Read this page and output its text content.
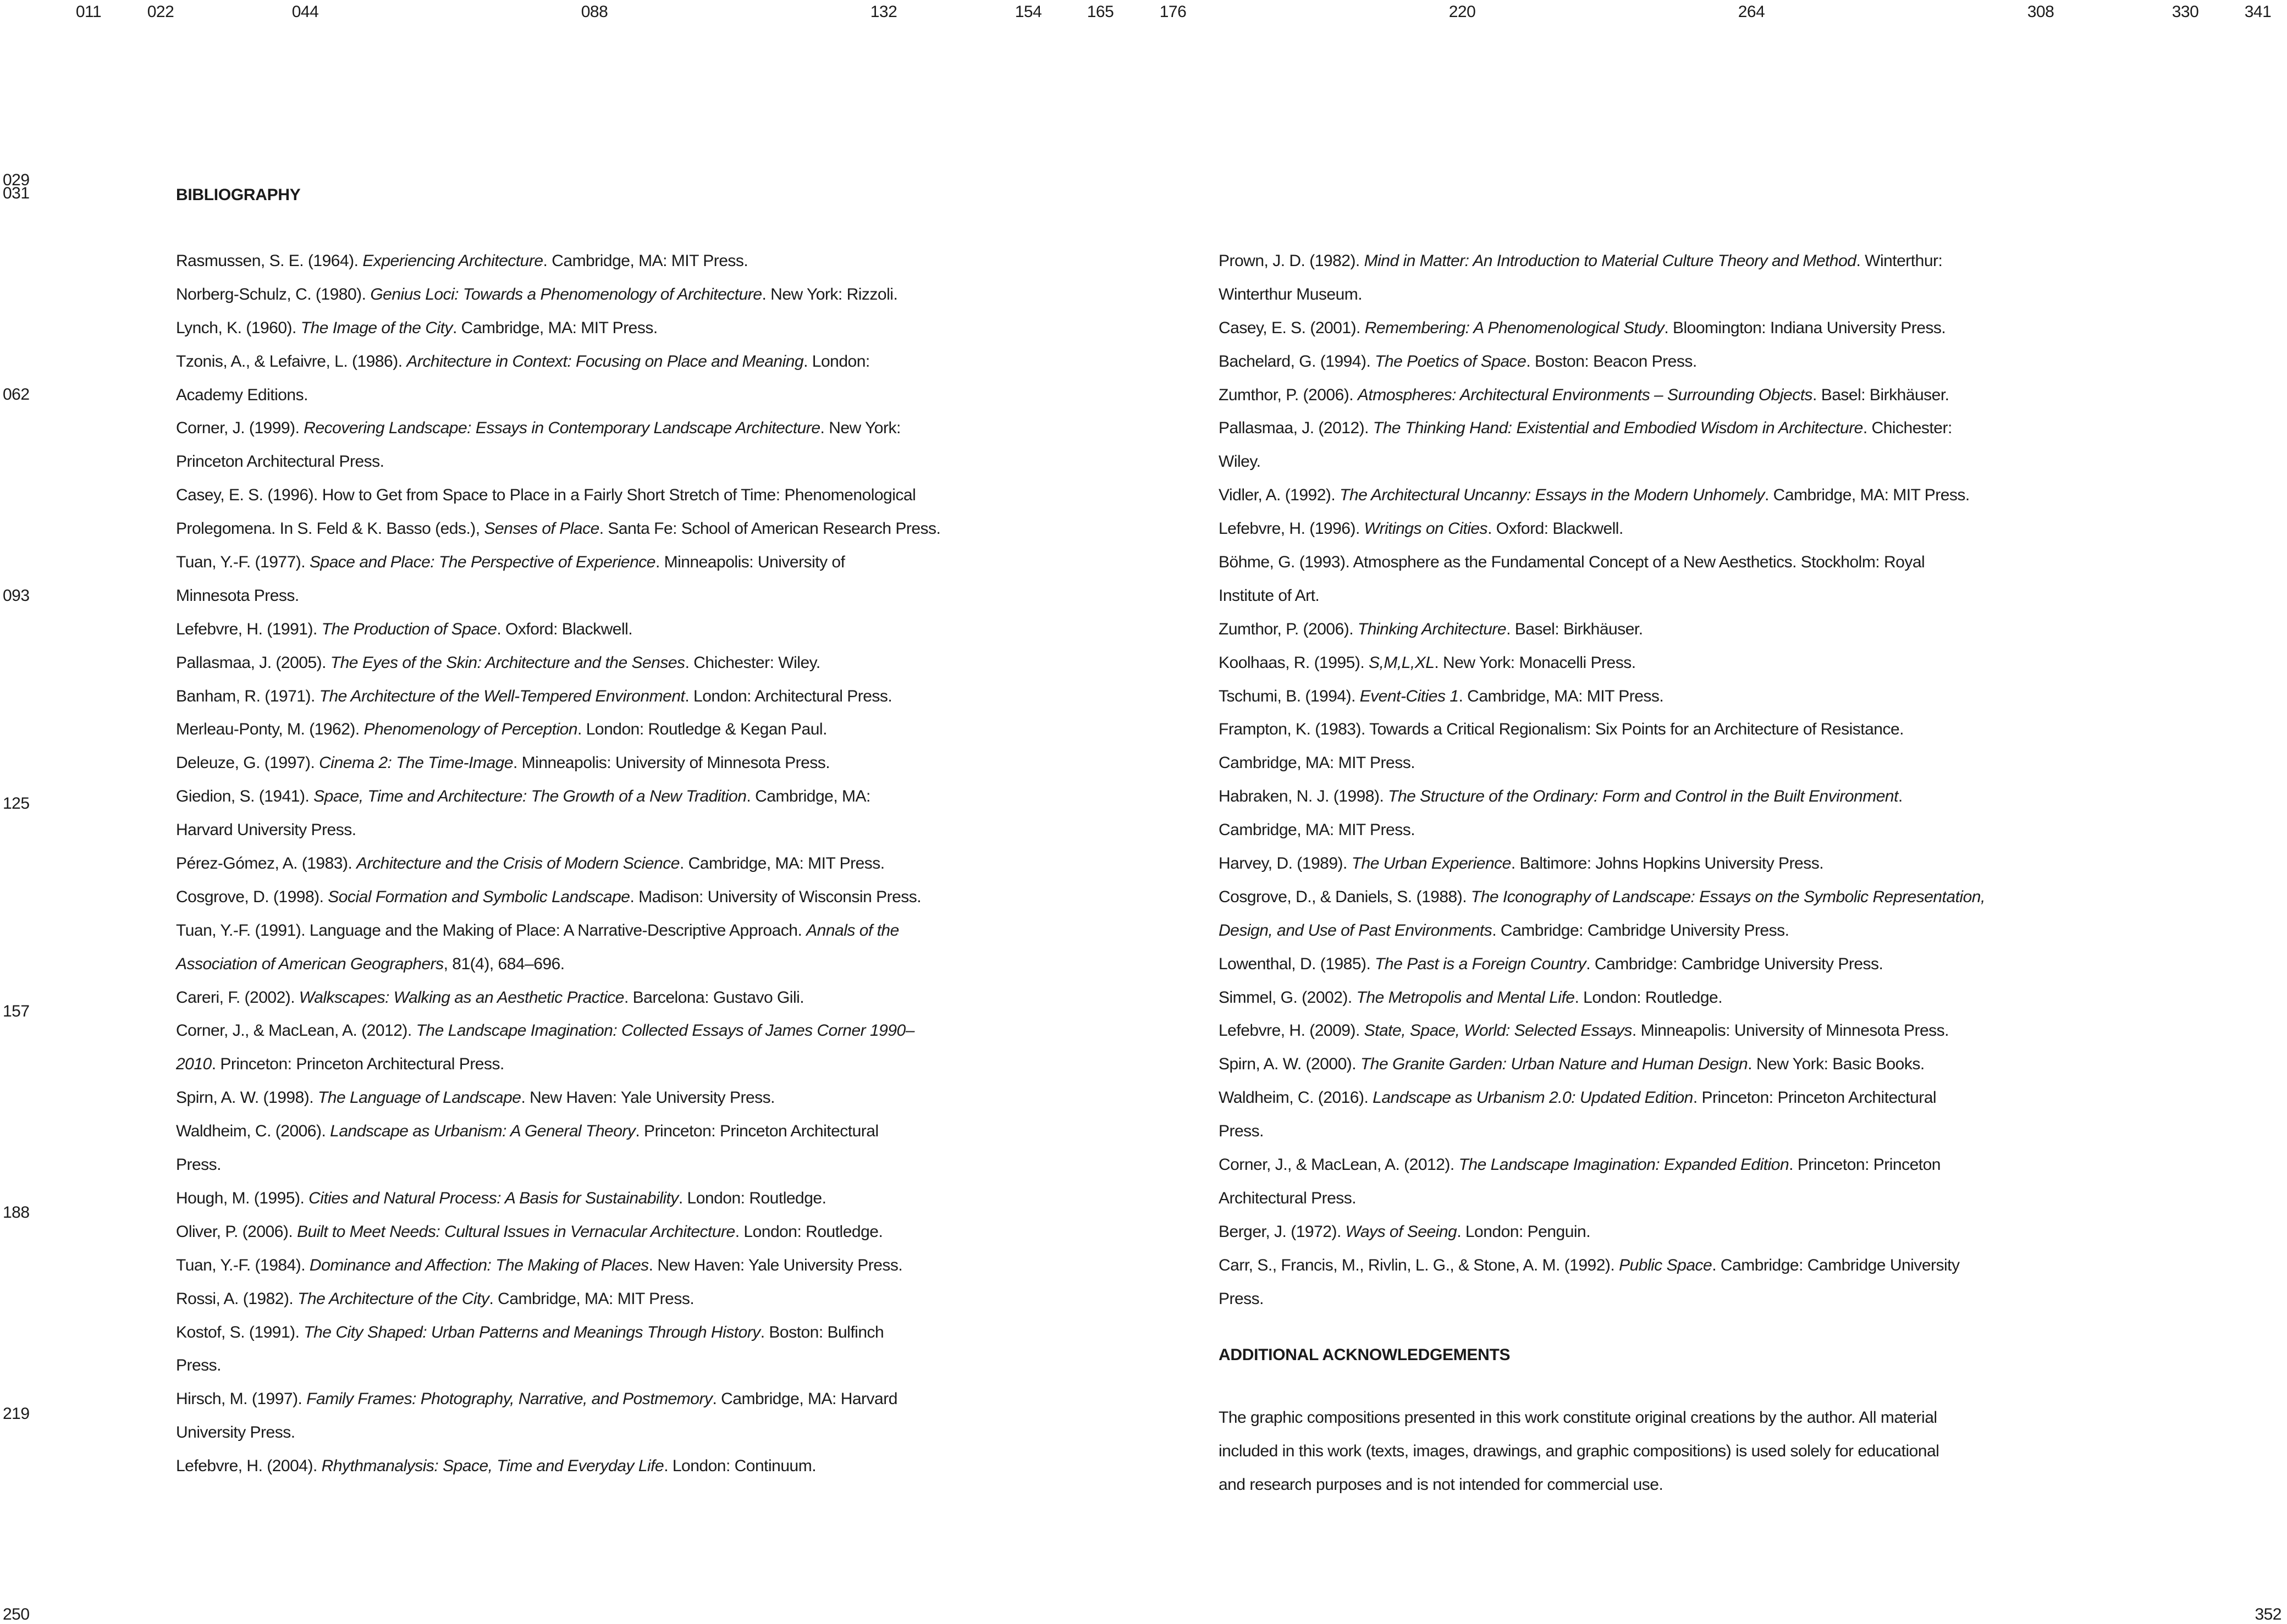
011	022	044	088	132	154	165	176	220	264	308	330	341
029
031
062
093
125
157
188
219
250	352
BIBLIOGRAPHY
Rasmussen, S. E. (1964). Experiencing Architecture. Cambridge, MA: MIT Press.
Norberg-Schulz, C. (1980). Genius Loci: Towards a Phenomenology of Architecture. New York: Rizzoli.
Lynch, K. (1960). The Image of the City. Cambridge, MA: MIT Press.
Tzonis, A., & Lefaivre, L. (1986). Architecture in Context: Focusing on Place and Meaning. London:
Academy Editions.
Corner, J. (1999). Recovering Landscape: Essays in Contemporary Landscape Architecture. New York:
Princeton Architectural Press.
Casey, E. S. (1996). How to Get from Space to Place in a Fairly Short Stretch of Time: Phenomenological
Prolegomena. In S. Feld & K. Basso (eds.), Senses of Place. Santa Fe: School of American Research Press.
Tuan, Y.-F. (1977). Space and Place: The Perspective of Experience. Minneapolis: University of
Minnesota Press.
Lefebvre, H. (1991). The Production of Space. Oxford: Blackwell.
Pallasmaa, J. (2005). The Eyes of the Skin: Architecture and the Senses. Chichester: Wiley.
Banham, R. (1971). The Architecture of the Well-Tempered Environment. London: Architectural Press.
Merleau-Ponty, M. (1962). Phenomenology of Perception. London: Routledge & Kegan Paul.
Deleuze, G. (1997). Cinema 2: The Time-Image. Minneapolis: University of Minnesota Press.
Giedion, S. (1941). Space, Time and Architecture: The Growth of a New Tradition. Cambridge, MA:
Harvard University Press.
Pérez-Gómez, A. (1983). Architecture and the Crisis of Modern Science. Cambridge, MA: MIT Press.
Cosgrove, D. (1998). Social Formation and Symbolic Landscape. Madison: University of Wisconsin Press.
Tuan, Y.-F. (1991). Language and the Making of Place: A Narrative-Descriptive Approach. Annals of the
Association of American Geographers, 81(4), 684–696.
Careri, F. (2002). Walkscapes: Walking as an Aesthetic Practice. Barcelona: Gustavo Gili.
Corner, J., & MacLean, A. (2012). The Landscape Imagination: Collected Essays of James Corner 1990–
2010. Princeton: Princeton Architectural Press.
Spirn, A. W. (1998). The Language of Landscape. New Haven: Yale University Press.
Waldheim, C. (2006). Landscape as Urbanism: A General Theory. Princeton: Princeton Architectural
Press.
Hough, M. (1995). Cities and Natural Process: A Basis for Sustainability. London: Routledge.
Oliver, P. (2006). Built to Meet Needs: Cultural Issues in Vernacular Architecture. London: Routledge.
Tuan, Y.-F. (1984). Dominance and Affection: The Making of Places. New Haven: Yale University Press.
Rossi, A. (1982). The Architecture of the City. Cambridge, MA: MIT Press.
Kostof, S. (1991). The City Shaped: Urban Patterns and Meanings Through History. Boston: Bulfinch
Press.
Hirsch, M. (1997). Family Frames: Photography, Narrative, and Postmemory. Cambridge, MA: Harvard
University Press.
Lefebvre, H. (2004). Rhythmanalysis: Space, Time and Everyday Life. London: Continuum.
Prown, J. D. (1982). Mind in Matter: An Introduction to Material Culture Theory and Method. Winterthur:
Winterthur Museum.
Casey, E. S. (2001). Remembering: A Phenomenological Study. Bloomington: Indiana University Press.
Bachelard, G. (1994). The Poetics of Space. Boston: Beacon Press.
Zumthor, P. (2006). Atmospheres: Architectural Environments – Surrounding Objects. Basel: Birkhäuser.
Pallasmaa, J. (2012). The Thinking Hand: Existential and Embodied Wisdom in Architecture. Chichester:
Wiley.
Vidler, A. (1992). The Architectural Uncanny: Essays in the Modern Unhomely. Cambridge, MA: MIT Press.
Lefebvre, H. (1996). Writings on Cities. Oxford: Blackwell.
Böhme, G. (1993). Atmosphere as the Fundamental Concept of a New Aesthetics. Stockholm: Royal
Institute of Art.
Zumthor, P. (2006). Thinking Architecture. Basel: Birkhäuser.
Koolhaas, R. (1995). S,M,L,XL. New York: Monacelli Press.
Tschumi, B. (1994). Event-Cities 1. Cambridge, MA: MIT Press.
Frampton, K. (1983). Towards a Critical Regionalism: Six Points for an Architecture of Resistance.
Cambridge, MA: MIT Press.
Habraken, N. J. (1998). The Structure of the Ordinary: Form and Control in the Built Environment.
Cambridge, MA: MIT Press.
Harvey, D. (1989). The Urban Experience. Baltimore: Johns Hopkins University Press.
Cosgrove, D., & Daniels, S. (1988). The Iconography of Landscape: Essays on the Symbolic Representation,
Design, and Use of Past Environments. Cambridge: Cambridge University Press.
Lowenthal, D. (1985). The Past is a Foreign Country. Cambridge: Cambridge University Press.
Simmel, G. (2002). The Metropolis and Mental Life. London: Routledge.
Lefebvre, H. (2009). State, Space, World: Selected Essays. Minneapolis: University of Minnesota Press.
Spirn, A. W. (2000). The Granite Garden: Urban Nature and Human Design. New York: Basic Books.
Waldheim, C. (2016). Landscape as Urbanism 2.0: Updated Edition. Princeton: Princeton Architectural
Press.
Corner, J., & MacLean, A. (2012). The Landscape Imagination: Expanded Edition. Princeton: Princeton
Architectural Press.
Berger, J. (1972). Ways of Seeing. London: Penguin.
Carr, S., Francis, M., Rivlin, L. G., & Stone, A. M. (1992). Public Space. Cambridge: Cambridge University
Press.
ADDITIONAL ACKNOWLEDGEMENTS
The graphic compositions presented in this work constitute original creations by the author. All material
included in this work (texts, images, drawings, and graphic compositions) is used solely for educational
and research purposes and is not intended for commercial use.
